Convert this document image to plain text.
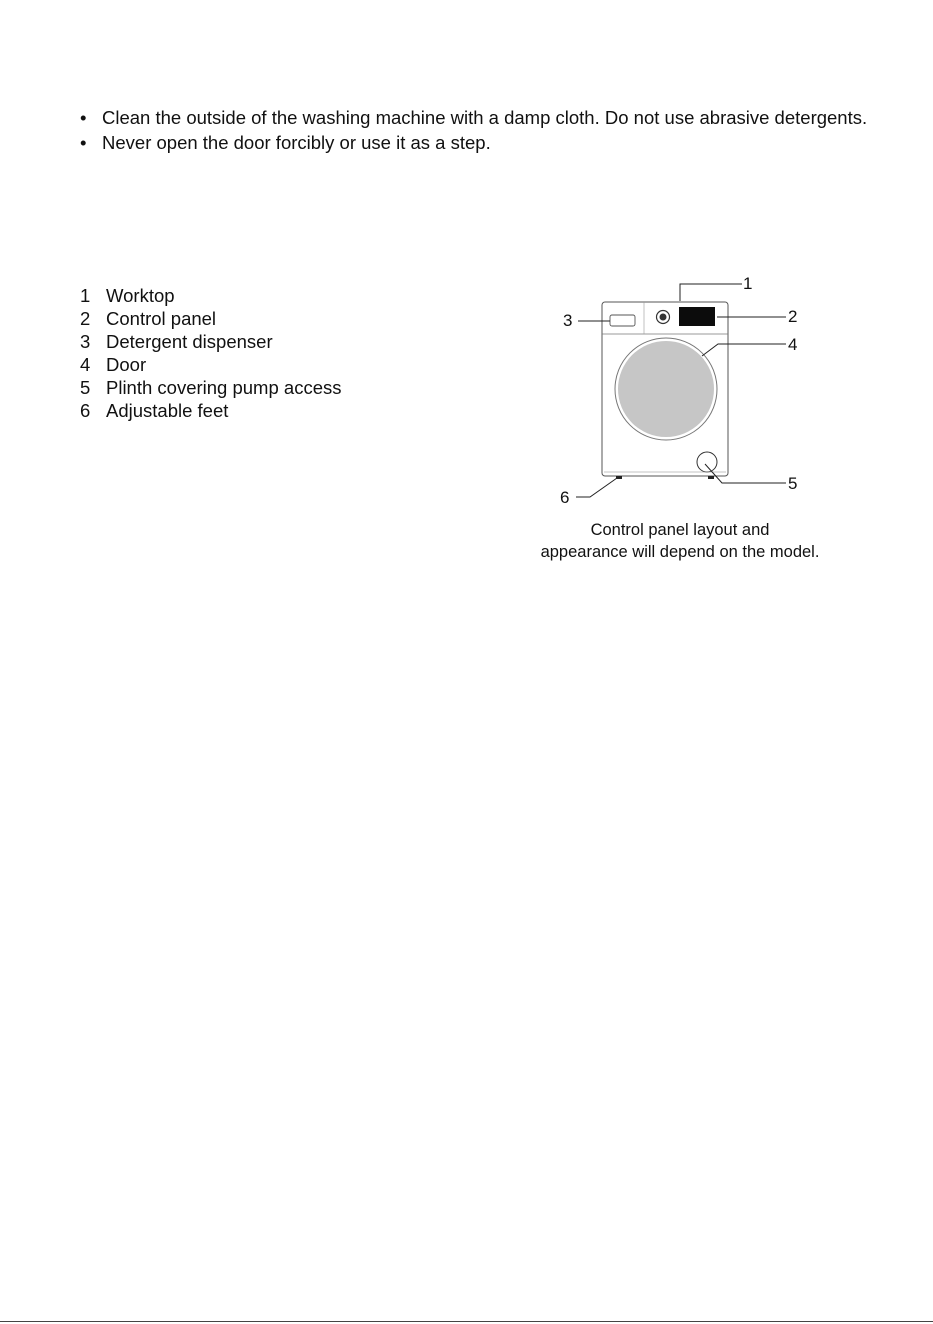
• Clean the outside of the washing machine with a damp cloth. Do not use abrasive detergents.
• Never open the door forcibly or use it as a step.
1 Worktop
2 Control panel
3 Detergent dispenser
4 Door
5 Plinth covering pump access
6 Adjustable feet
1
2
3
4
5
6
Control panel layout and
appearance will depend on the model.
